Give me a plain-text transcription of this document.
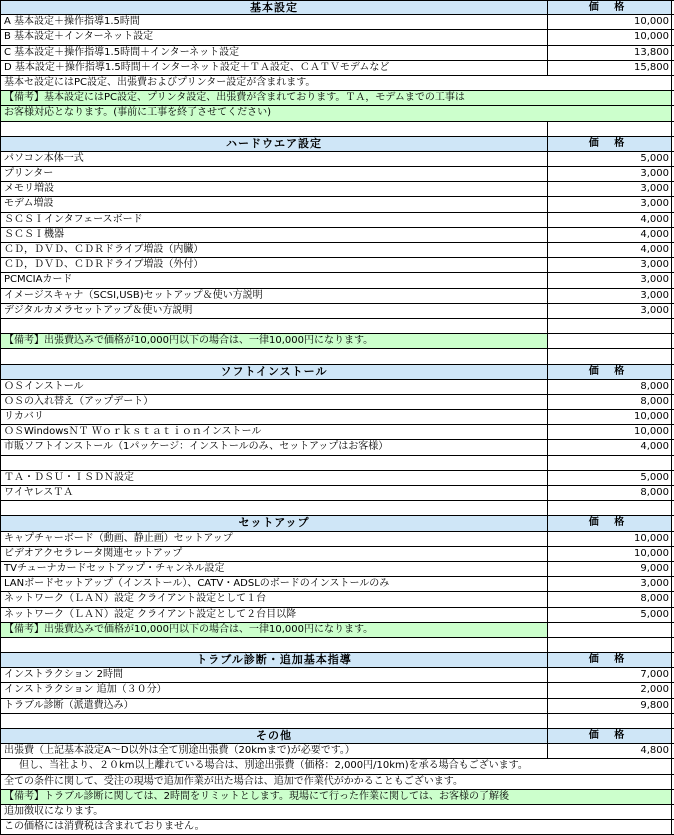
基本設定	価 格
A 基本設定＋操作指導1.5時間	10,000
B 基本設定＋インターネット設定	10,000
C 基本設定＋操作指導1.5時間＋インターネット設定	13,800
D 基本設定＋操作指導1.5時間＋インターネット設定＋ＴＡ設定、ＣＡＴＶモデムなど	15,800
基本セ設定にはPC設定、出張費およびプリンター設定が含まれます。
【備考】基本設定にはPC設定、プリンタ設定、出張費が含まれております。ＴＡ，モデムまでの工事は
お客様対応となります。(事前に工事を終了させてください)
ハードウエア設定	価 格
パソコン本体一式	5,000
プリンター	3,000
メモリ増設	3,000
モデム増設	3,000
ＳＣＳＩインタフェースボード	4,000
ＳＣＳＩ機器	4,000
ＣＤ，ＤＶＤ、ＣＤＲドライブ増設（内臓）	4,000
ＣＤ，ＤＶＤ、ＣＤＲドライブ増設（外付）	3,000
PCMCIAカード	3,000
イメージスキャナ（SCSI,USB)セットアップ＆使い方説明	3,000
デジタルカメラセットアップ＆使い方説明	3,000
【備考】出張費込みで価格が10,000円以下の場合は、一律10,000円になります。
ソフトインストール	価 格
ＯＳインストール	8,000
ＯＳの入れ替え（アップデート）	8,000
リカバリ	10,000
ＯＳWindowsＮＴ Ｗｏｒｋｓｔａｔｉｏｎインストール	10,000
市販ソフトインストール（1パッケージ：インストールのみ、セットアップはお客様）	4,000
ＴＡ・ＤＳＵ・ＩＳＤＮ設定	5,000
ワイヤレスＴＡ	8,000
セットアップ	価 格
キャプチャーボード（動画、静止画）セットアップ	10,000
ビデオアクセラレータ関連セットアップ	10,000
TVチューナカードセットアップ・チャンネル設定	9,000
LANボードセットアップ（インストール）、CATV・ADSLのボードのインストールのみ	3,000
ネットワーク（ＬＡＮ）設定 クライアント設定として１台	8,000
ネットワーク（ＬＡＮ）設定 クライアント設定として２台目以降	5,000
【備考】出張費込みで価格が10,000円以下の場合は、一律10,000円になります。
トラブル診断・追加基本指導	価 格
インストラクション 2時間	7,000
インストラクション 追加（３０分）	2,000
トラブル診断（派遣費込み）	9,800
その他	価 格
出張費（上記基本設定A～D以外は全て別途出張費（20kmまで)が必要です。）	4,800
但し、当社より、２０km以上離れている場合は、別途出張費（価格：2,000円/10km)を承る場合もございます。
全ての条件に関して、受注の現場で追加作業が出た場合は、追加で作業代がかかることもございます。
【備考】トラブル診断に関しては、2時間をリミットとします。現場にて行った作業に関しては、お客様の了解後
追加徴収になります。
この価格には消費税は含まれておりません。
